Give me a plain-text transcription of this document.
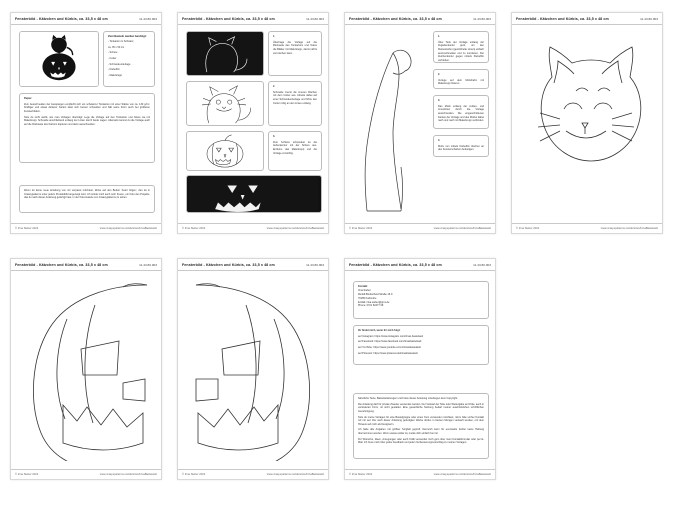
Fensterbild - Kätzchen und Kürbis, ca. 33,5 x 48 cm	11.43.80.003
Zum Basteln werden benötigt:

- Tonkarton in Schwarz,

ca. 35 x 50 cm

- Schere

- Cutter

- Schneideunterlage

- Klebefilm

- Malerkrepp

Papier

Zum Ausschneiden der Ausspargen empfiehlt sich ein schwarzer Tonkarton mit einer Stärke von ca. 130 g/m². Kräftiger und etwas dickerer Karton lässt sich besser schneiden und hält seine Form auch bei größeren Fensterbildern.

Teile du nicht weißt, wie man Vorlagen überträgt: Lege die Vorlage auf den Tonkarton und fixiere sie mit Malerkrepp. Schneide anschließend entlang der Linien durch beide Lagen. Alternativ kannst du die Vorlage auch auf die Rückseite des Kartons kopieren und dann ausschneiden.

Wenn du keine neue Anleitung von mir verpasst möchtest, klicke auf den Button 'Autor folgen', den du in Craasypatterns unter jedem Produktbild angezeigt wird. Ich würde mich auch sehr freuen, ein Foto des Projekts, das du nach dieser Anleitung gefertigt hast, in der Foto-Galerie von Craasypatterns zu sehen.

© Irina Sieber 2022	www.craayspatterns.net/de/store/IrinaBastelwelt
Fensterbild - Kätzchen und Kürbis, ca. 33,5 x 48 cm	11.43.80.003

1.

Übertrage die Vorlage auf die Rückseite des Tonkartons und fixiere die Blätter mit Malerkrepp, damit nichts verrutschen kann.

2.

Schneide zuerst die inneren Flächen mit dem Cutter aus. Arbeite dabei auf einer Schneideunterlage und führe den Cutter ruhig an den Linien entlang.

3.

Zum Schluss schneidest du die Außenkontur mit der Schere aus. Entferne das Malerkrepp und die Vorlage vorsichtig.

© Irina Sieber 2022	www.craayspatterns.net/de/store/IrinaBastelwelt
Fensterbild - Kätzchen und Kürbis, ca. 33,5 x 48 cm	11.43.80.003

1.

Über Teile der Vorlage entlang der Zugabenkontur grob, um den Klebestreifen (gestrichelte Linien) einfach auszuschneiden und zu montieren. Der Zeichenkontur gegen mittels Klebefilm verbinden.

2.

Verlege auf dem Motivbahn mit Malerkrepp fixieren.

3.

Das Motiv entlang der Außen- und Innenlinien durch die Vorlage ausschneiden. Die eingeschnittenen Kanten der Vorlage und des Motivs dabei nach und nach mit Malerkrepp verbinden.

4.

Motiv nun mittels Klebefilm löschen an den Fensterscheiben befestigen.

© Irina Sieber 2022	www.craayspatterns.net/de/store/IrinaBastelwelt
Fensterbild - Kätzchen und Kürbis, ca. 33,5 x 48 cm	11.43.80.003
© Irina Sieber 2022	www.craayspatterns.net/de/store/IrinaBastelwelt
Fensterbild - Kätzchen und Kürbis, ca. 33,5 x 48 cm	11.43.80.003
© Irina Sieber 2022	www.craayspatterns.net/de/store/IrinaBastelwelt
Fensterbild - Kätzchen und Kürbis, ca. 33,5 x 48 cm	11.43.80.003
© Irina Sieber 2022	www.craayspatterns.net/de/store/IrinaBastelwelt
Fensterbild - Kätzchen und Kürbis, ca. 33,5 x 48 cm	11.43.80.003

Kontakt

Irina Sieber

Rudolf-Breitscheid-Straße 16 C

76185 Karlsruhe

E-Mail: irina.sieber@gmx.de

Phone: 0721 62477 08

Ihr findet mich, wenn ihr mich folgt:

auf Instagram: https://www.instagram.com/irinas.bastelwelt

auf Facebook: https://www.facebook.com/irinasbastelwelt

auf YouTube: https://www.youtube.com/c/irinasbastelwelt

auf Pinterest: https://www.pinterest.de/irinasbastelwelt

Sämtliche Texte, Bastelanleitungen und Fotos dieser Anleitung unterliegen dem Copyright.

Die Anleitung darf für private Zwecke verwendet werden. Der Verkauf der Teile oder Weitergabe an Dritte, auch in veränderter Form, ist nicht gestattet. Eine gewerbliche Nutzung bedarf meiner ausdrücklichen schriftlichen Genehmigung.

Teile du meine Vorlagen für eine Bastelgruppe oder einen Kurs verwenden möchtest, nimm bitte vorher Kontakt mit mir auf. Die nach dieser Anleitung gefertigten Werke dürfen in kleinen Mengen verkauft werden, mit dem Hinweis auf mich als Designerin.

Ich habe alle Angaben mit größter Sorgfalt geprüft. Dennoch kann für eventuelle Fehler keine Haftung übernommen werden. Wenn etwas unklar ist, melde dich einfach bei mir.

Für Wünsche, Ideen, Anregungen oder auch Kritik verwendet mich gern über mein Kontaktformular oder per E-Mail. Ich freue mich über jedes Feedback und jeden Verbesserungsvorschlag zu meinen Vorlagen.

© Irina Sieber 2022	www.craayspatterns.net/de/store/IrinaBastelwelt
